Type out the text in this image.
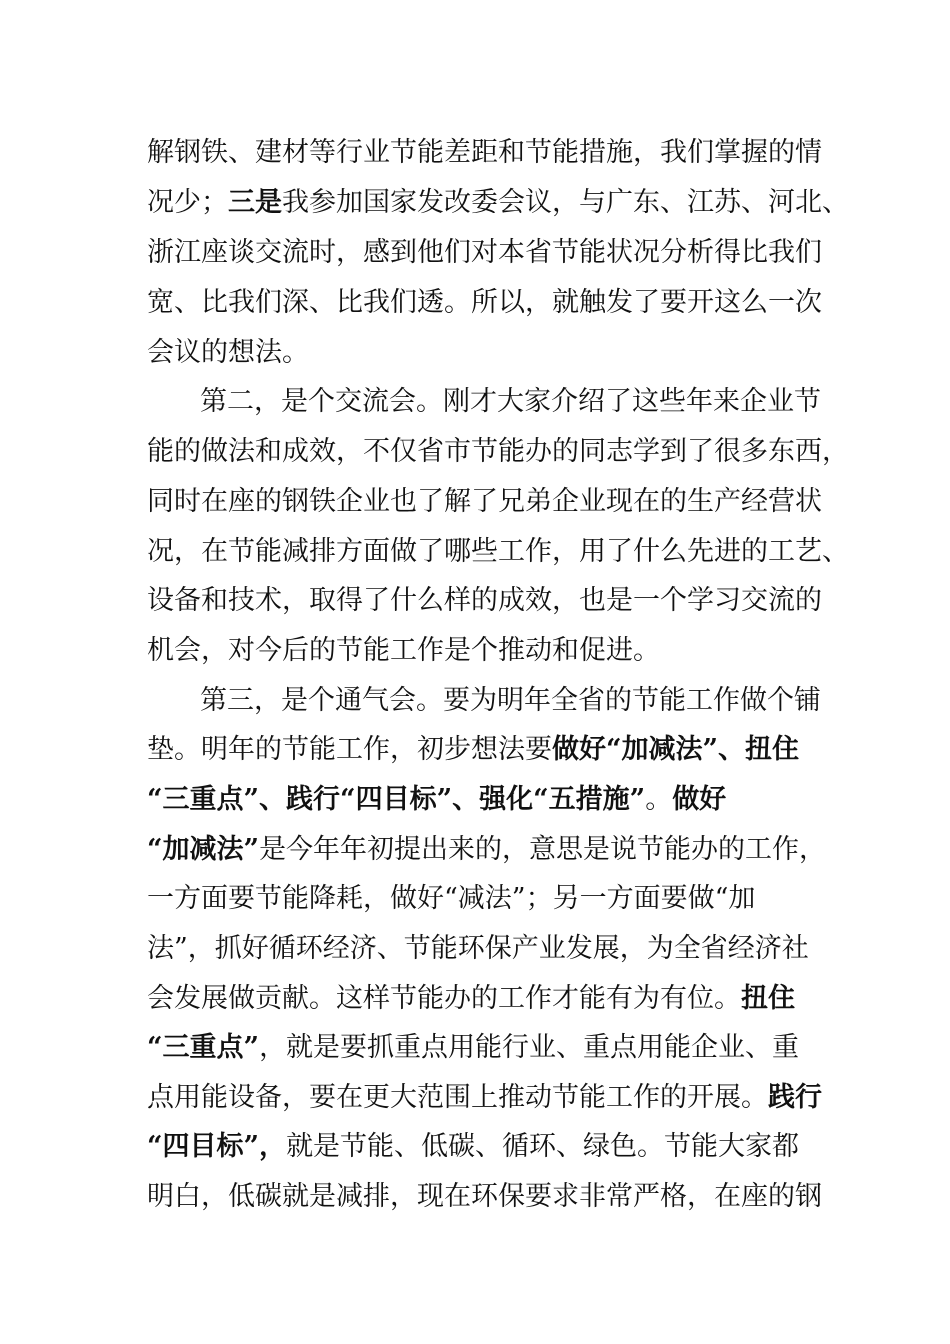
解钢铁、建材等行业节能差距和节能措施，我们掌握的情
况少；三是我参加国家发改委会议，与广东、江苏、河北、
浙江座谈交流时，感到他们对本省节能状况分析得比我们
宽、比我们深、比我们透。所以，就触发了要开这么一次
会议的想法。
第二，是个交流会。刚才大家介绍了这些年来企业节
能的做法和成效，不仅省市节能办的同志学到了很多东西，
同时在座的钢铁企业也了解了兄弟企业现在的生产经营状
况，在节能减排方面做了哪些工作，用了什么先进的工艺、
设备和技术，取得了什么样的成效，也是一个学习交流的
机会，对今后的节能工作是个推动和促进。
第三，是个通气会。要为明年全省的节能工作做个铺
垫。明年的节能工作，初步想法要做好“加减法”、扭住
“三重点”、践行“四目标”、强化“五措施”。做好
“加减法”是今年年初提出来的，意思是说节能办的工作，
一方面要节能降耗，做好“减法”；另一方面要做“加
法”，抓好循环经济、节能环保产业发展，为全省经济社
会发展做贡献。这样节能办的工作才能有为有位。扭住
“三重点”，就是要抓重点用能行业、重点用能企业、重
点用能设备，要在更大范围上推动节能工作的开展。践行
“四目标”，就是节能、低碳、循环、绿色。节能大家都
明白，低碳就是减排，现在环保要求非常严格，在座的钢
